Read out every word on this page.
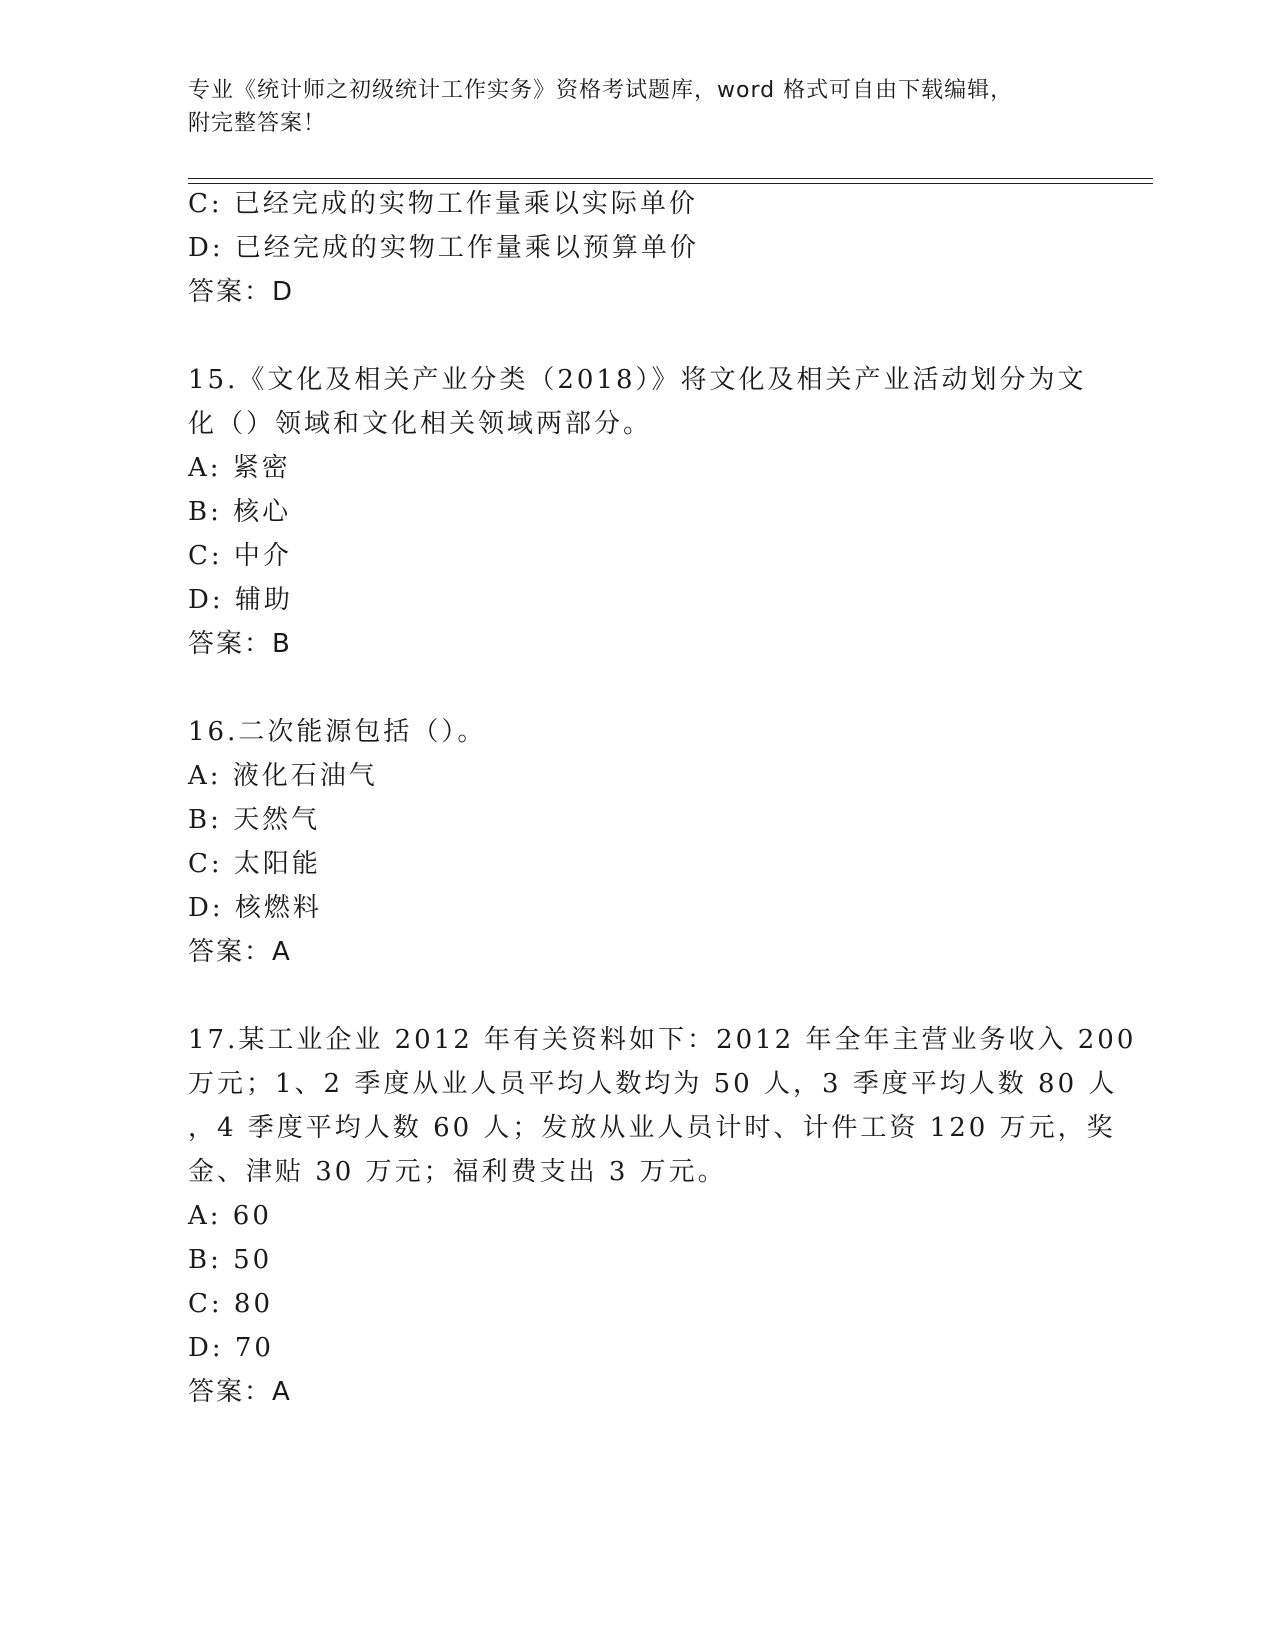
专业《统计师之初级统计工作实务》资格考试题库，word 格式可自由下载编辑，
附完整答案！
C: 已经完成的实物工作量乘以实际单价
D: 已经完成的实物工作量乘以预算单价
答案：D
15.《文化及相关产业分类（2018）》将文化及相关产业活动划分为文
化（）领域和文化相关领域两部分。
A: 紧密
B: 核心
C: 中介
D: 辅助
答案：B
16.二次能源包括（）。
A: 液化石油气
B: 天然气
C: 太阳能
D: 核燃料
答案：A
17.某工业企业 2012 年有关资料如下：2012 年全年主营业务收入 200
万元；1、2 季度从业人员平均人数均为 50 人，3 季度平均人数 80 人
，4 季度平均人数 60 人；发放从业人员计时、计件工资 120 万元，奖
金、津贴 30 万元；福利费支出 3 万元。
A: 60
B: 50
C: 80
D: 70
答案：A
